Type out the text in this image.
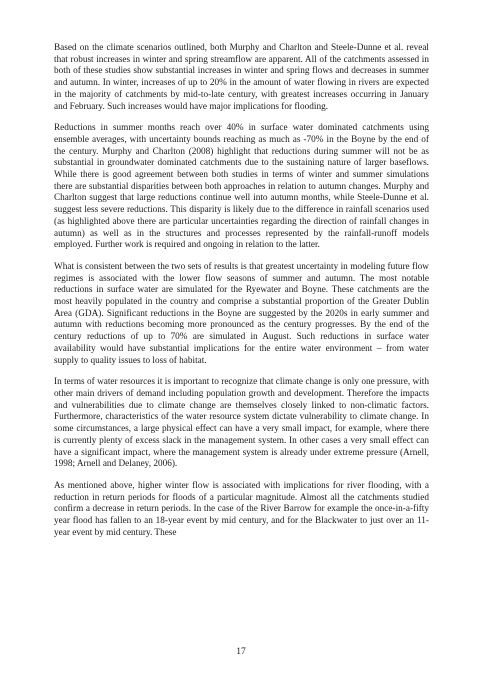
Based on the climate scenarios outlined, both Murphy and Charlton and Steele-Dunne et al. reveal that robust increases in winter and spring streamflow are apparent. All of the catchments assessed in both of these studies show substantial increases in winter and spring flows and decreases in summer and autumn. In winter, increases of up to 20% in the amount of water flowing in rivers are expected in the majority of catchments by mid-to-late century, with greatest increases occurring in January and February. Such increases would have major implications for flooding.

Reductions in summer months reach over 40% in surface water dominated catchments using ensemble averages, with uncertainty bounds reaching as much as -70% in the Boyne by the end of the century. Murphy and Charlton (2008) highlight that reductions during summer will not be as substantial in groundwater dominated catchments due to the sustaining nature of larger baseflows. While there is good agreement between both studies in terms of winter and summer simulations there are substantial disparities between both approaches in relation to autumn changes. Murphy and Charlton suggest that large reductions continue well into autumn months, while Steele-Dunne et al. suggest less severe reductions. This disparity is likely due to the difference in rainfall scenarios used (as highlighted above there are particular uncertainties regarding the direction of rainfall changes in autumn) as well as in the structures and processes represented by the rainfall-runoff models employed. Further work is required and ongoing in relation to the latter.

What is consistent between the two sets of results is that greatest uncertainty in modeling future flow regimes is associated with the lower flow seasons of summer and autumn. The most notable reductions in surface water are simulated for the Ryewater and Boyne. These catchments are the most heavily populated in the country and comprise a substantial proportion of the Greater Dublin Area (GDA). Significant reductions in the Boyne are suggested by the 2020s in early summer and autumn with reductions becoming more pronounced as the century progresses. By the end of the century reductions of up to 70% are simulated in August. Such reductions in surface water availability would have substantial implications for the entire water environment – from water supply to quality issues to loss of habitat.

In terms of water resources it is important to recognize that climate change is only one pressure, with other main drivers of demand including population growth and development. Therefore the impacts and vulnerabilities due to climate change are themselves closely linked to non-climatic factors. Furthermore, characteristics of the water resource system dictate vulnerability to climate change. In some circumstances, a large physical effect can have a very small impact, for example, where there is currently plenty of excess slack in the management system. In other cases a very small effect can have a significant impact, where the management system is already under extreme pressure (Arnell, 1998; Arnell and Delaney, 2006).

As mentioned above, higher winter flow is associated with implications for river flooding, with a reduction in return periods for floods of a particular magnitude. Almost all the catchments studied confirm a decrease in return periods. In the case of the River Barrow for example the once-in-a-fifty year flood has fallen to an 18-year event by mid century, and for the Blackwater to just over an 11-year event by mid century. These

17
